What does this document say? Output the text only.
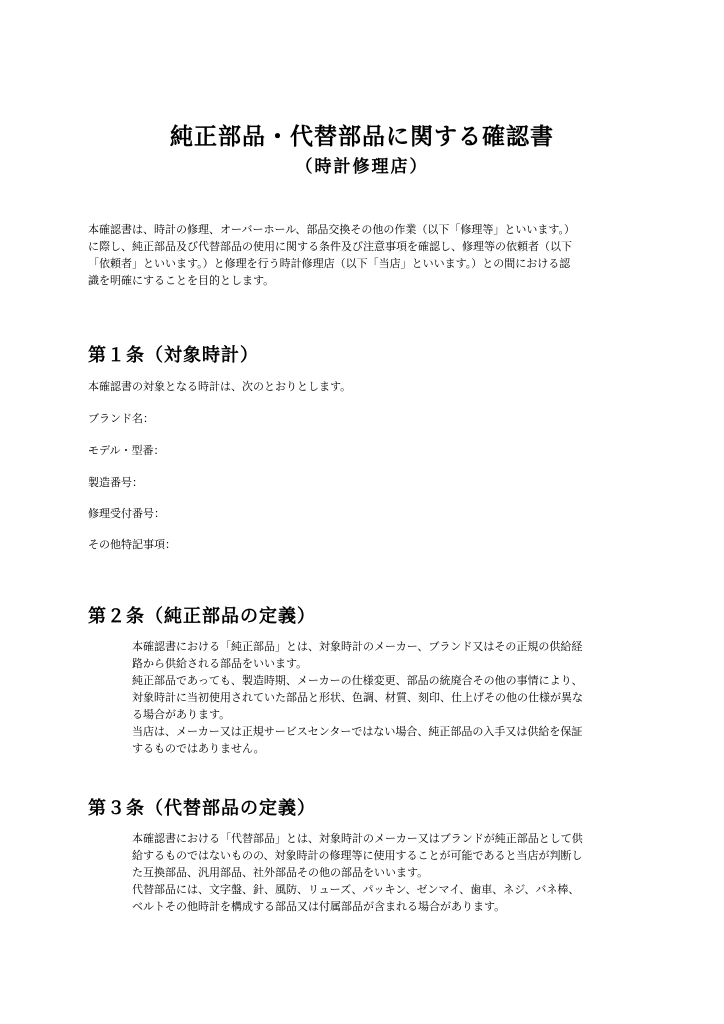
純正部品・代替部品に関する確認書
（時計修理店）
本確認書は、時計の修理、オーバーホール、部品交換その他の作業（以下「修理等」といいます。）
に際し、純正部品及び代替部品の使用に関する条件及び注意事項を確認し、修理等の依頼者（以下
「依頼者」といいます。）と修理を行う時計修理店（以下「当店」といいます。）との間における認
識を明確にすることを目的とします。
第１条（対象時計）
本確認書の対象となる時計は、次のとおりとします。
ブランド名：
モデル・型番：
製造番号：
修理受付番号：
その他特記事項：
第２条（純正部品の定義）
本確認書における「純正部品」とは、対象時計のメーカー、ブランド又はその正規の供給経
路から供給される部品をいいます。
純正部品であっても、製造時期、メーカーの仕様変更、部品の統廃合その他の事情により、
対象時計に当初使用されていた部品と形状、色調、材質、刻印、仕上げその他の仕様が異な
る場合があります。
当店は、メーカー又は正規サービスセンターではない場合、純正部品の入手又は供給を保証
するものではありません。
第３条（代替部品の定義）
本確認書における「代替部品」とは、対象時計のメーカー又はブランドが純正部品として供
給するものではないものの、対象時計の修理等に使用することが可能であると当店が判断し
た互換部品、汎用部品、社外部品その他の部品をいいます。
代替部品には、文字盤、針、風防、リューズ、パッキン、ゼンマイ、歯車、ネジ、バネ棒、
ベルトその他時計を構成する部品又は付属部品が含まれる場合があります。
